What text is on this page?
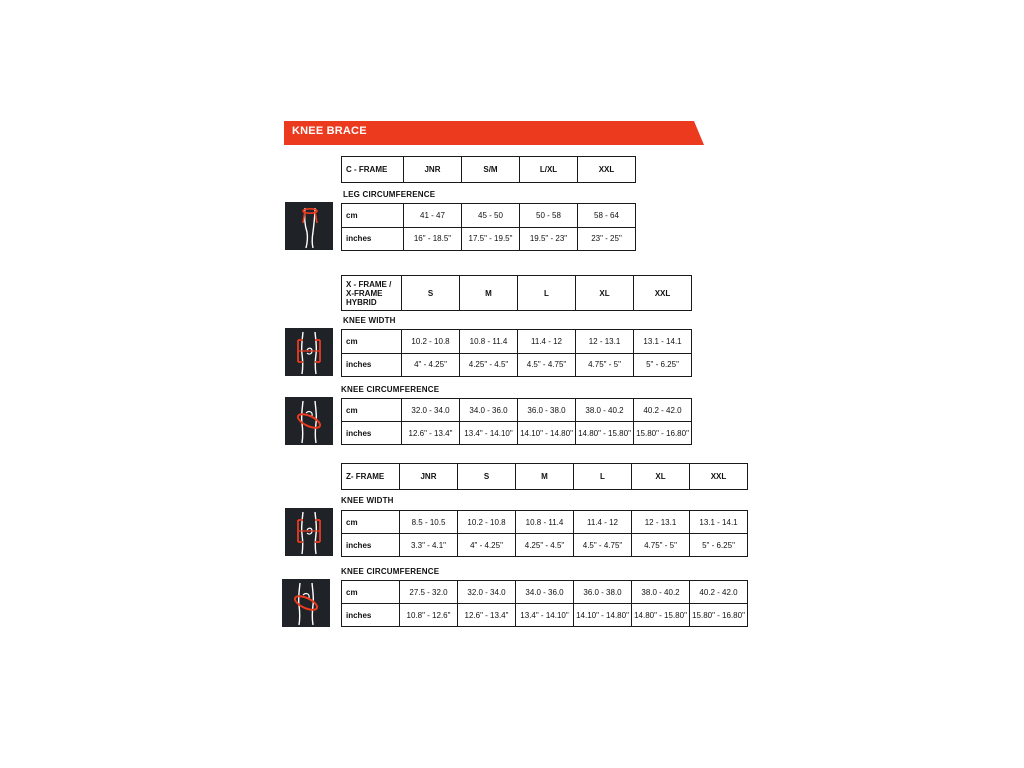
KNEE BRACE
C - FRAME	JNR	S/M	L/XL	XXL
LEG CIRCUMFERENCE
cm	41 - 47	45 - 50	50 - 58	58 - 64
inches	16" - 18.5"	17.5" - 19.5"	19.5" - 23"	23" - 25"
X - FRAME /
X-FRAME
HYBRID	S	M	L	XL	XXL
KNEE WIDTH
cm	10.2 - 10.8	10.8 - 11.4	11.4 - 12	12 - 13.1	13.1 - 14.1
inches	4" - 4.25"	4.25" - 4.5"	4.5" - 4.75"	4.75" - 5"	5" - 6.25"
KNEE CIRCUMFERENCE
cm	32.0 - 34.0	34.0 - 36.0	36.0 - 38.0	38.0 - 40.2	40.2 - 42.0
inches	12.6" - 13.4"	13.4" - 14.10"	14.10" - 14.80"	14.80" - 15.80"	15.80" - 16.80"
Z- FRAME	JNR	S	M	L	XL	XXL
KNEE WIDTH
cm	8.5 - 10.5	10.2 - 10.8	10.8 - 11.4	11.4 - 12	12 - 13.1	13.1 - 14.1
inches	3.3" - 4.1"	4" - 4.25"	4.25" - 4.5"	4.5" - 4.75"	4.75" - 5"	5" - 6.25"
KNEE CIRCUMFERENCE
cm	27.5 - 32.0	32.0 - 34.0	34.0 - 36.0	36.0 - 38.0	38.0 - 40.2	40.2 - 42.0
inches	10.8" - 12.6"	12.6" - 13.4"	13.4" - 14.10"	14.10" - 14.80"	14.80" - 15.80"	15.80" - 16.80"
